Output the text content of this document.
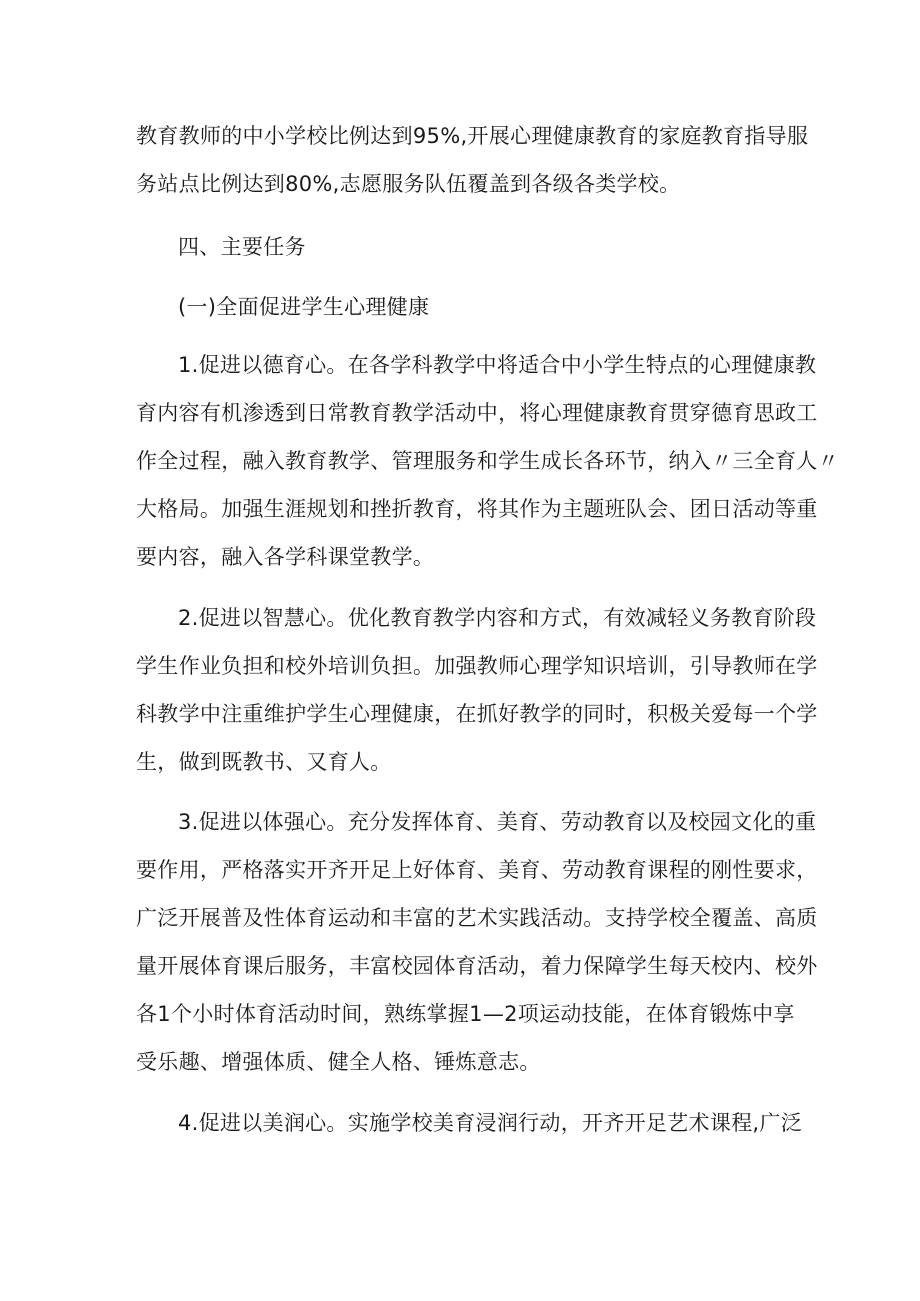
教育教师的中小学校比例达到95%,开展心理健康教育的家庭教育指导服
务站点比例达到80%,志愿服务队伍覆盖到各级各类学校。
四、主要任务
(一)全面促进学生心理健康
1.促进以德育心。在各学科教学中将适合中小学生特点的心理健康教
育内容有机渗透到日常教育教学活动中，将心理健康教育贯穿德育思政工
作全过程，融入教育教学、管理服务和学生成长各环节，纳入〃三全育人〃
大格局。加强生涯规划和挫折教育，将其作为主题班队会、团日活动等重
要内容，融入各学科课堂教学。
2.促进以智慧心。优化教育教学内容和方式，有效减轻义务教育阶段
学生作业负担和校外培训负担。加强教师心理学知识培训，引导教师在学
科教学中注重维护学生心理健康，在抓好教学的同时，积极关爱每一个学
生，做到既教书、又育人。
3.促进以体强心。充分发挥体育、美育、劳动教育以及校园文化的重
要作用，严格落实开齐开足上好体育、美育、劳动教育课程的刚性要求，
广泛开展普及性体育运动和丰富的艺术实践活动。支持学校全覆盖、高质
量开展体育课后服务，丰富校园体育活动，着力保障学生每天校内、校外
各1个小时体育活动时间，熟练掌握1—2项运动技能，在体育锻炼中享
受乐趣、增强体质、健全人格、锤炼意志。
4.促进以美润心。实施学校美育浸润行动，开齐开足艺术课程,广泛
